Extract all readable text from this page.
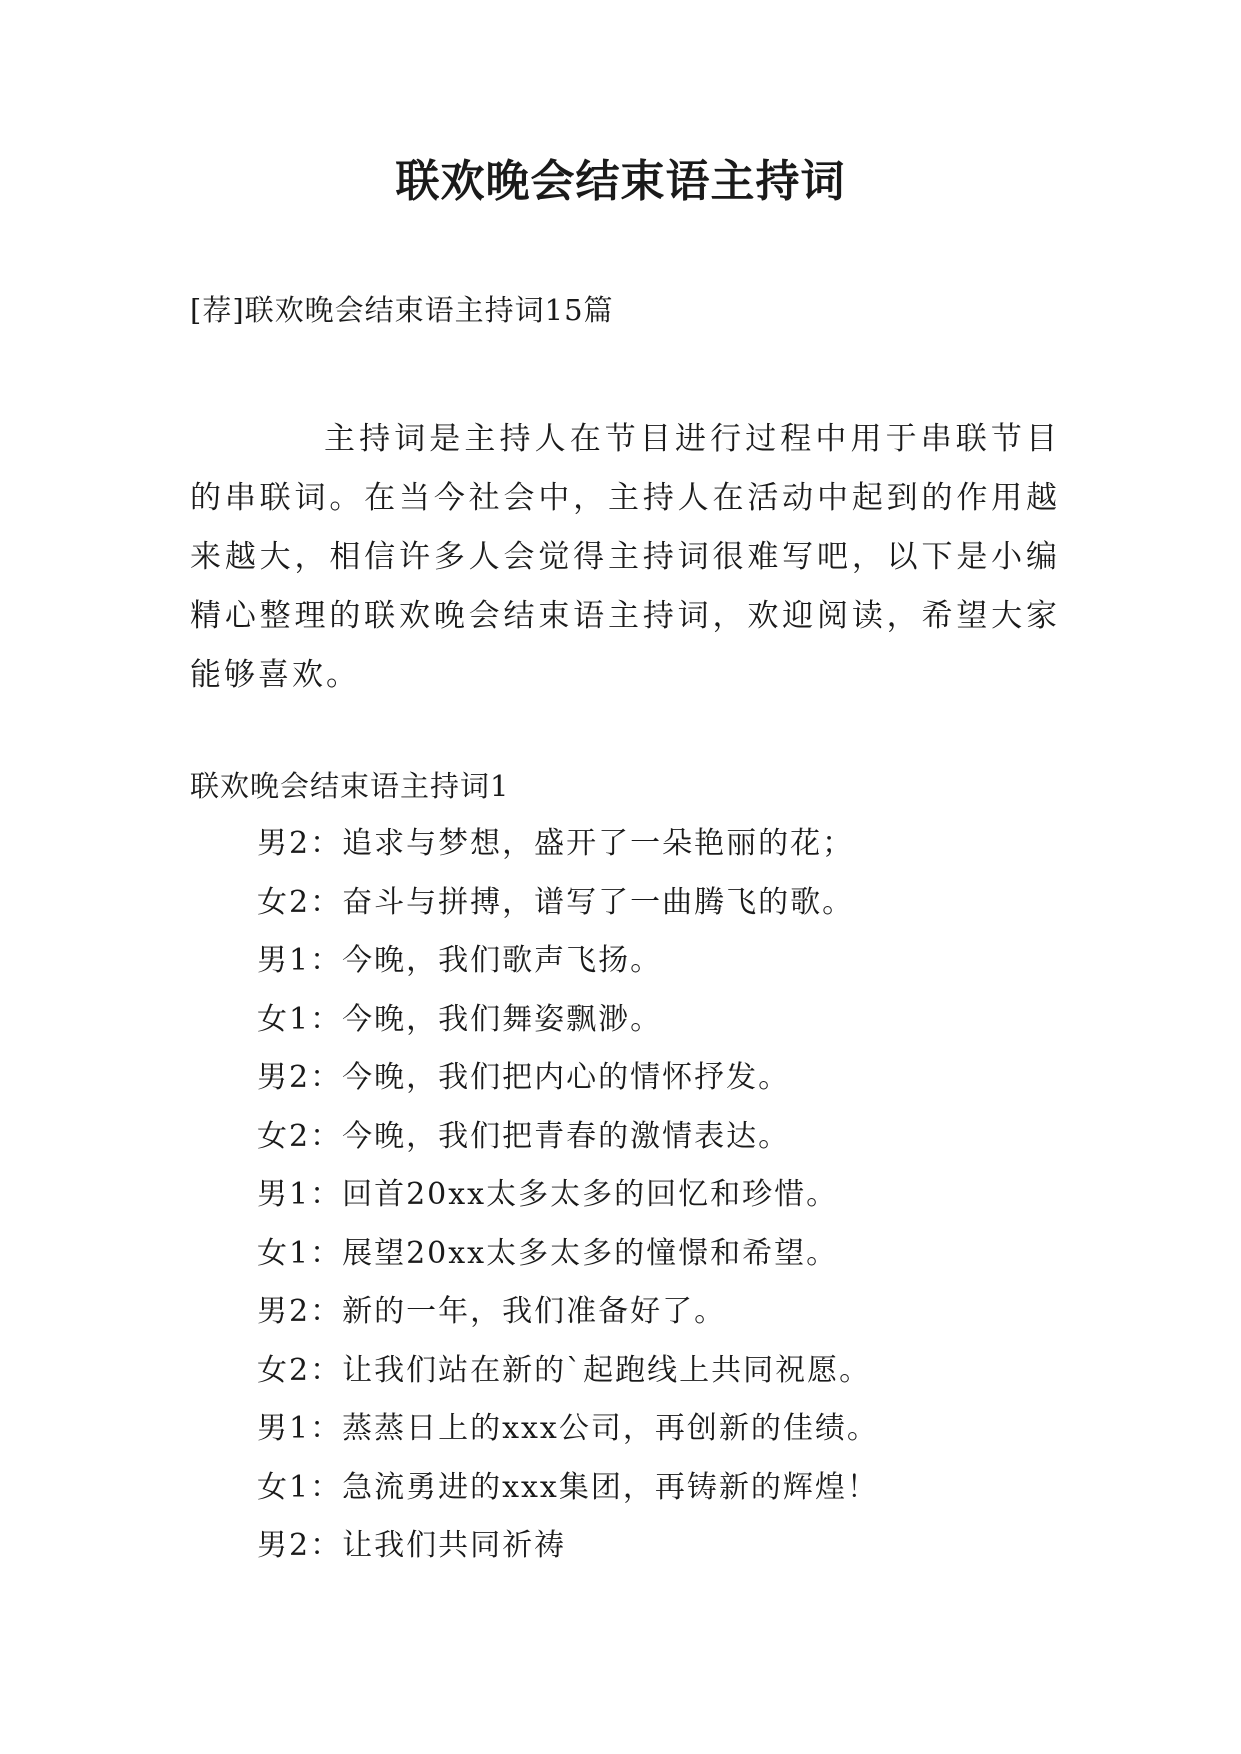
联欢晚会结束语主持词

[荐]联欢晚会结束语主持词15篇

主持词是主持人在节目进行过程中用于串联节目的串联词。在当今社会中，主持人在活动中起到的作用越来越大，相信许多人会觉得主持词很难写吧，以下是小编精心整理的联欢晚会结束语主持词，欢迎阅读，希望大家能够喜欢。

联欢晚会结束语主持词1

男2：追求与梦想，盛开了一朵艳丽的花；
女2：奋斗与拼搏，谱写了一曲腾飞的歌。
男1：今晚，我们歌声飞扬。
女1：今晚，我们舞姿飘渺。
男2：今晚，我们把内心的情怀抒发。
女2：今晚，我们把青春的激情表达。
男1：回首20xx太多太多的回忆和珍惜。
女1：展望20xx太多太多的憧憬和希望。
男2：新的一年，我们准备好了。
女2：让我们站在新的`起跑线上共同祝愿。
男1：蒸蒸日上的xxx公司，再创新的佳绩。
女1：急流勇进的xxx集团，再铸新的辉煌！
男2：让我们共同祈祷
